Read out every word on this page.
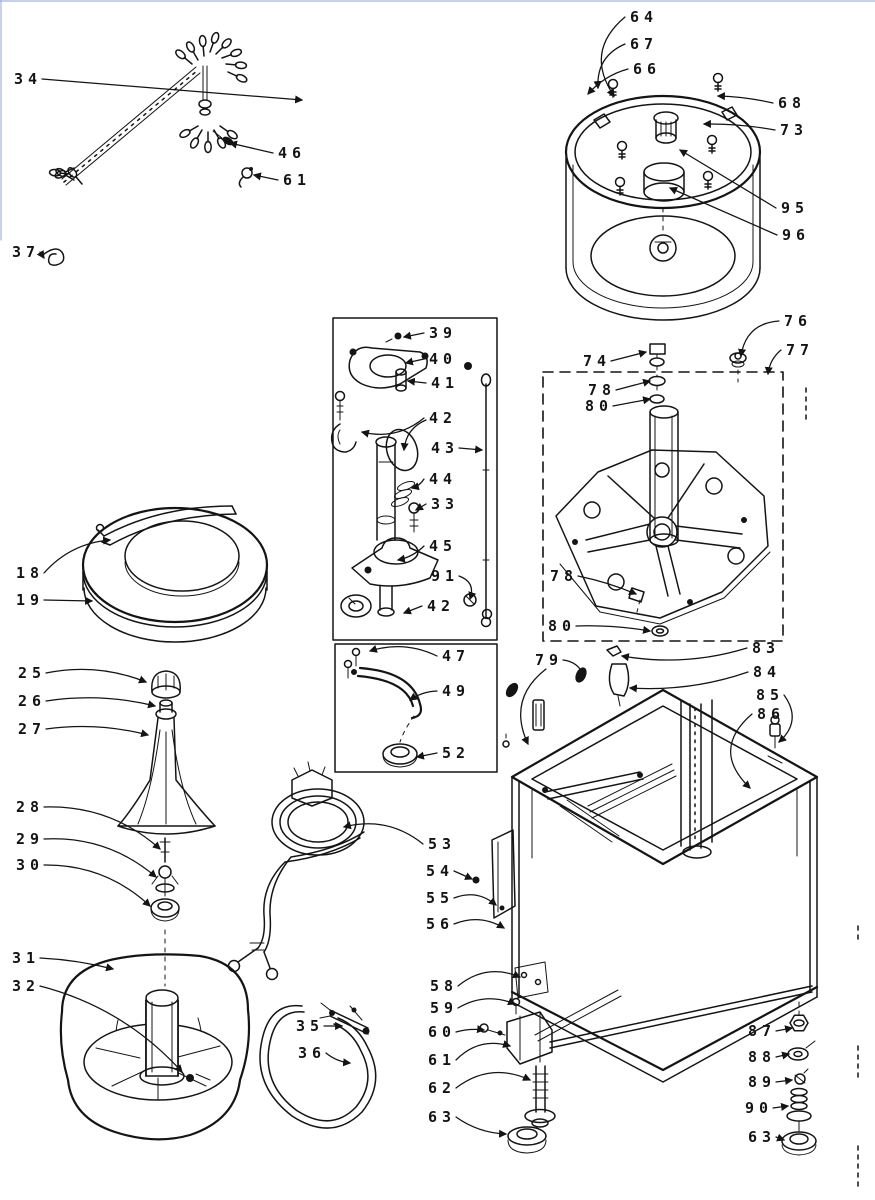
34
46
61
37
64
67
66
68
73
95
96
76
77
74
78
80
78
80
83
84
85
86
79
39
40
41
42
43
44
33
45
91
42
47
49
52
18
19
25
26
27
28
29
30
31
32
53
54
55
56
58
59
60
61
62
63
35
36
87
88
89
90
63
